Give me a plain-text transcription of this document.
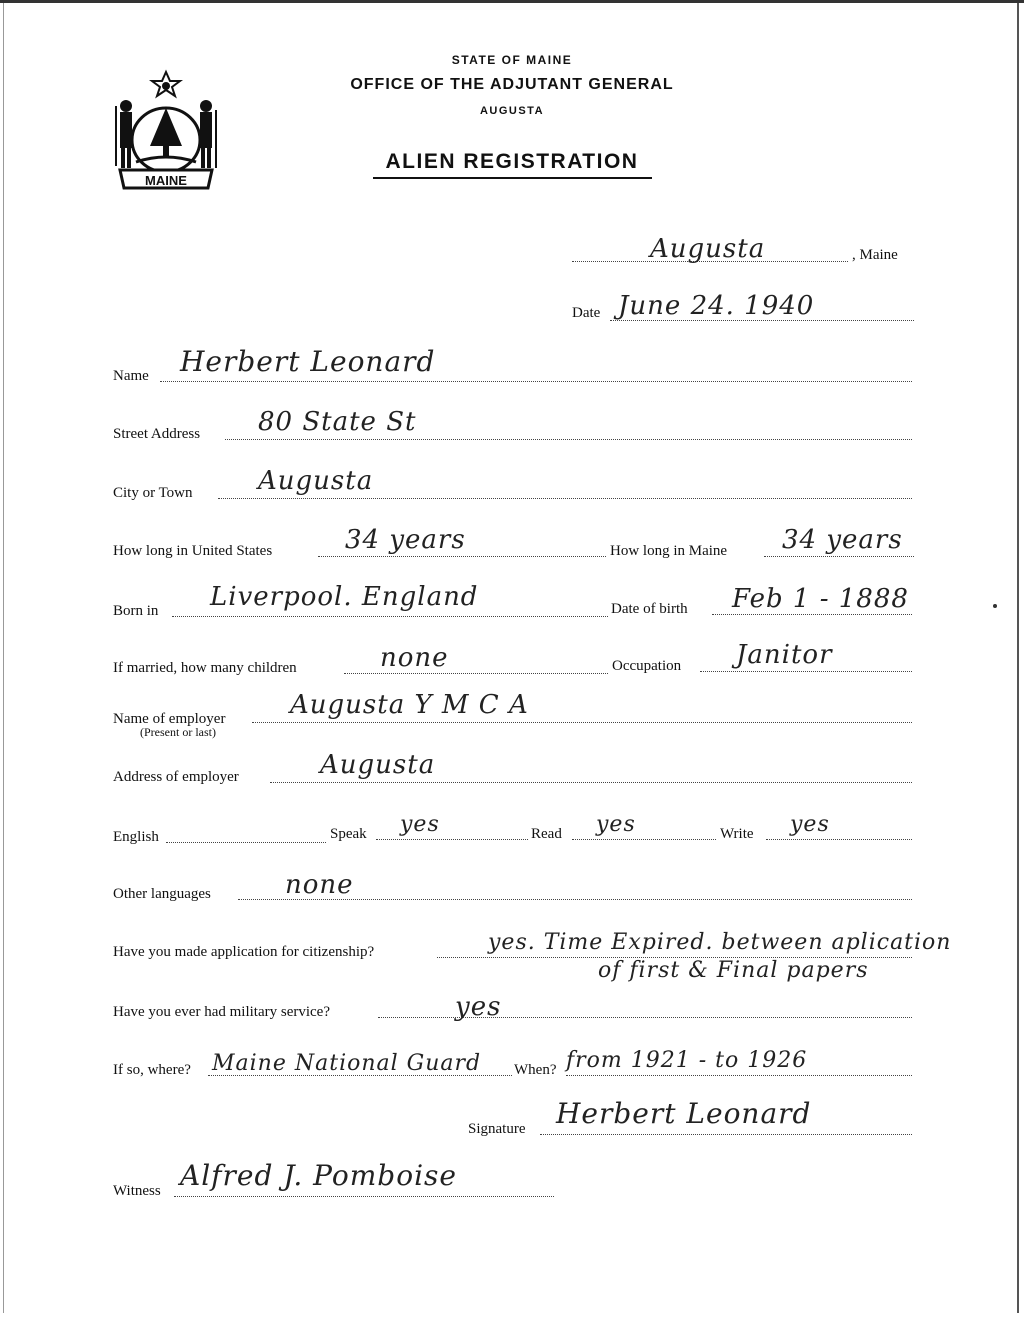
MAINE
STATE OF MAINE
OFFICE OF THE ADJUTANT GENERAL
AUGUSTA
ALIEN REGISTRATION
Augusta	, Maine
Date June 24. 1940
Name Herbert Leonard
Street Address 80 State St
City or Town	Augusta
How long in United States	34 years	How long in Maine 34 years
Born in Liverpool. England	Date of birth Feb 1 - 1888
If married, how many children	none	Occupation Janitor
Name of employer
(Present or last)
Augusta Y M C A
Address of employer	Augusta
English	Speak yes	Read yes	Write yes
Other languages	none
Have you made application for citizenship?	yes. Time Expired. between aplication
of first & Final papers
Have you ever had military service?	yes
If so, where? Maine National Guard When? from 1921 - to 1926
Signature Herbert Leonard
Witness Alfred J. Pomboise
